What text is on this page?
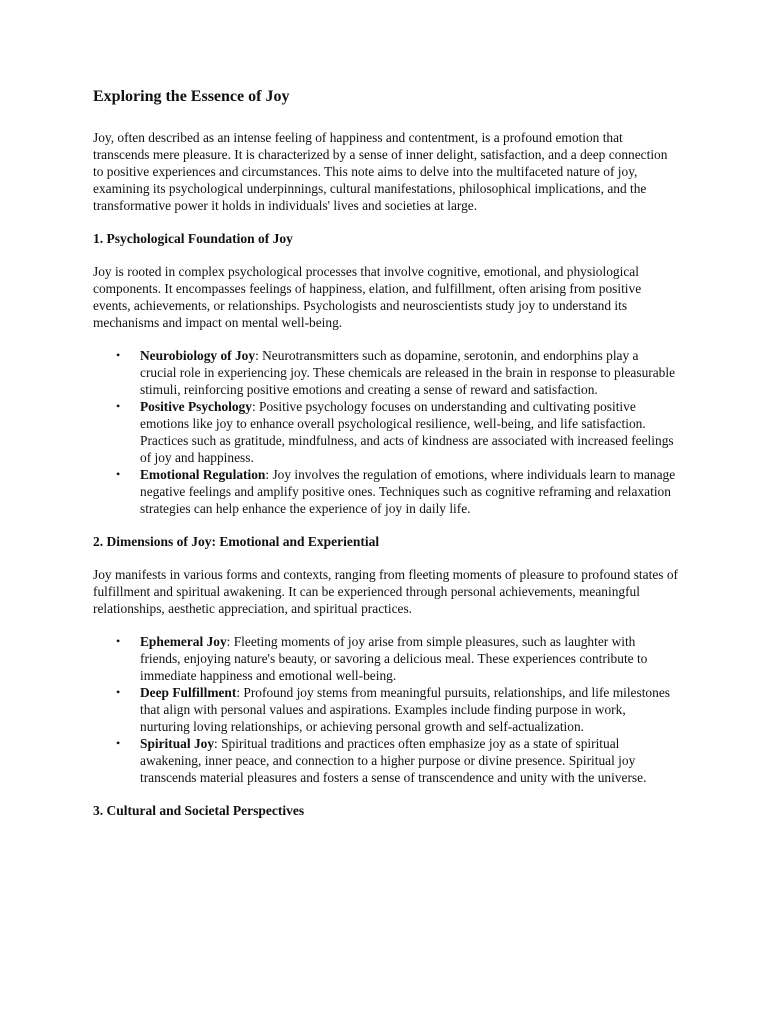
Exploring the Essence of Joy

Joy, often described as an intense feeling of happiness and contentment, is a profound emotion that transcends mere pleasure. It is characterized by a sense of inner delight, satisfaction, and a deep connection to positive experiences and circumstances. This note aims to delve into the multifaceted nature of joy, examining its psychological underpinnings, cultural manifestations, philosophical implications, and the transformative power it holds in individuals' lives and societies at large.

1. Psychological Foundation of Joy

Joy is rooted in complex psychological processes that involve cognitive, emotional, and physiological components. It encompasses feelings of happiness, elation, and fulfillment, often arising from positive events, achievements, or relationships. Psychologists and neuroscientists study joy to understand its mechanisms and impact on mental well-being.

• Neurobiology of Joy: Neurotransmitters such as dopamine, serotonin, and endorphins play a crucial role in experiencing joy. These chemicals are released in the brain in response to pleasurable stimuli, reinforcing positive emotions and creating a sense of reward and satisfaction.
• Positive Psychology: Positive psychology focuses on understanding and cultivating positive emotions like joy to enhance overall psychological resilience, well-being, and life satisfaction. Practices such as gratitude, mindfulness, and acts of kindness are associated with increased feelings of joy and happiness.
• Emotional Regulation: Joy involves the regulation of emotions, where individuals learn to manage negative feelings and amplify positive ones. Techniques such as cognitive reframing and relaxation strategies can help enhance the experience of joy in daily life.
2. Dimensions of Joy: Emotional and Experiential

Joy manifests in various forms and contexts, ranging from fleeting moments of pleasure to profound states of fulfillment and spiritual awakening. It can be experienced through personal achievements, meaningful relationships, aesthetic appreciation, and spiritual practices.

• Ephemeral Joy: Fleeting moments of joy arise from simple pleasures, such as laughter with friends, enjoying nature's beauty, or savoring a delicious meal. These experiences contribute to immediate happiness and emotional well-being.
• Deep Fulfillment: Profound joy stems from meaningful pursuits, relationships, and life milestones that align with personal values and aspirations. Examples include finding purpose in work, nurturing loving relationships, or achieving personal growth and self-actualization.
• Spiritual Joy: Spiritual traditions and practices often emphasize joy as a state of spiritual awakening, inner peace, and connection to a higher purpose or divine presence. Spiritual joy transcends material pleasures and fosters a sense of transcendence and unity with the universe.
3. Cultural and Societal Perspectives
